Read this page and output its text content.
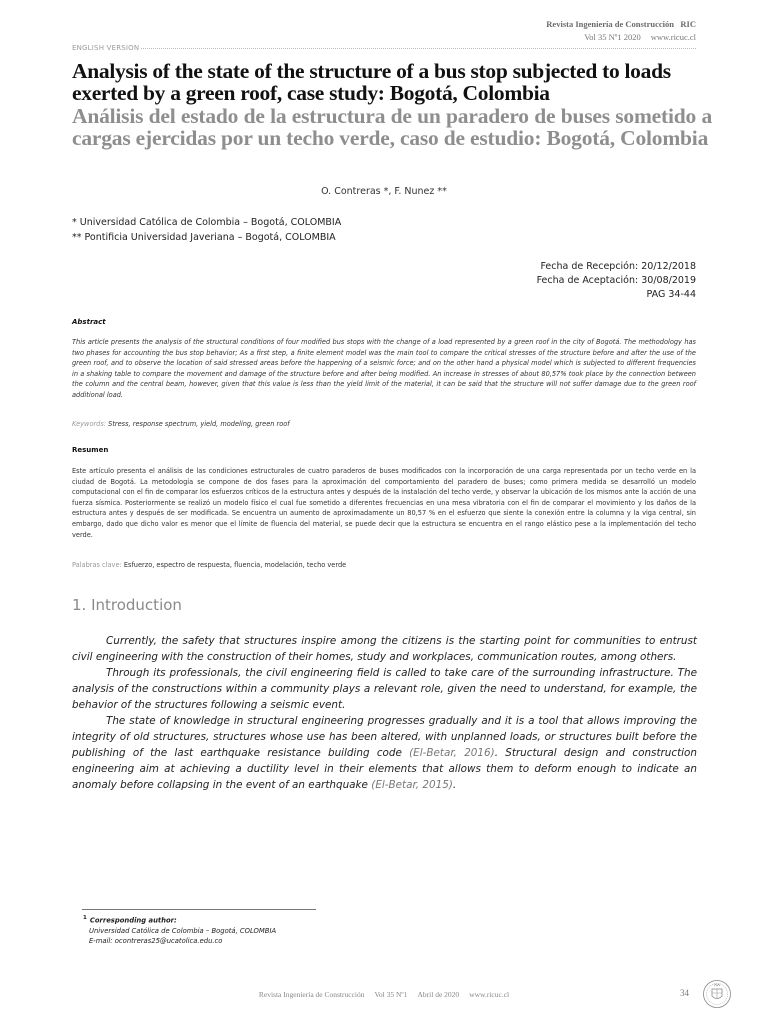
Revista Ingeniería de Construcción RIC
Vol 35 Nº1 2020 www.ricuc.cl
ENGLISH VERSION
Analysis of the state of the structure of a bus stop subjected to loads exerted by a green roof, case study: Bogotá, Colombia
Análisis del estado de la estructura de un paradero de buses sometido a cargas ejercidas por un techo verde, caso de estudio: Bogotá, Colombia
O. Contreras *, F. Nunez **
* Universidad Católica de Colombia – Bogotá, COLOMBIA
** Pontificia Universidad Javeriana – Bogotá, COLOMBIA
Fecha de Recepción: 20/12/2018
Fecha de Aceptación: 30/08/2019
PAG 34-44
Abstract
This article presents the analysis of the structural conditions of four modified bus stops with the change of a load represented by a green roof in the city of Bogotá. The methodology has two phases for accounting the bus stop behavior; As a first step, a finite element model was the main tool to compare the critical stresses of the structure before and after the use of the green roof, and to observe the location of said stressed areas before the happening of a seismic force; and on the other hand a physical model which is subjected to different frequencies in a shaking table to compare the movement and damage of the structure before and after being modified. An increase in stresses of about 80,57% took place by the connection between the column and the central beam, however, given that this value is less than the yield limit of the material, it can be said that the structure will not suffer damage due to the green roof additional load.
Keywords: Stress, response spectrum, yield, modeling, green roof
Resumen
Este artículo presenta el análisis de las condiciones estructurales de cuatro paraderos de buses modificados con la incorporación de una carga representada por un techo verde en la ciudad de Bogotá. La metodología se compone de dos fases para la aproximación del comportamiento del paradero de buses; como primera medida se desarrolló un modelo computacional con el fin de comparar los esfuerzos críticos de la estructura antes y después de la instalación del techo verde, y observar la ubicación de los mismos ante la acción de una fuerza sísmica. Posteriormente se realizó un modelo físico el cual fue sometido a diferentes frecuencias en una mesa vibratoria con el fin de comparar el movimiento y los daños de la estructura antes y después de ser modificada. Se encuentra un aumento de aproximadamente un 80,57 % en el esfuerzo que siente la conexión entre la columna y la viga central, sin embargo, dado que dicho valor es menor que el límite de fluencia del material, se puede decir que la estructura se encuentra en el rango elástico pese a la implementación del techo verde.
Palabras clave: Esfuerzo, espectro de respuesta, fluencia, modelación, techo verde
1. Introduction

Currently, the safety that structures inspire among the citizens is the starting point for communities to entrust civil engineering with the construction of their homes, study and workplaces, communication routes, among others.

Through its professionals, the civil engineering field is called to take care of the surrounding infrastructure. The analysis of the constructions within a community plays a relevant role, given the need to understand, for example, the behavior of the structures following a seismic event.

The state of knowledge in structural engineering progresses gradually and it is a tool that allows improving the integrity of old structures, structures whose use has been altered, with unplanned loads, or structures built before the publishing of the last earthquake resistance building code (El-Betar, 2016). Structural design and construction engineering aim at achieving a ductility level in their elements that allows them to deform enough to indicate an anomaly before collapsing in the event of an earthquake (El-Betar, 2015).

$^1$ Corresponding author:
Universidad Católica de Colombia – Bogotá, COLOMBIA
E-mail: ocontreras25@ucatolica.edu.co
Revista Ingeniería de Construcción Vol 35 Nº1 Abril de 2020 www.ricuc.cl	34
